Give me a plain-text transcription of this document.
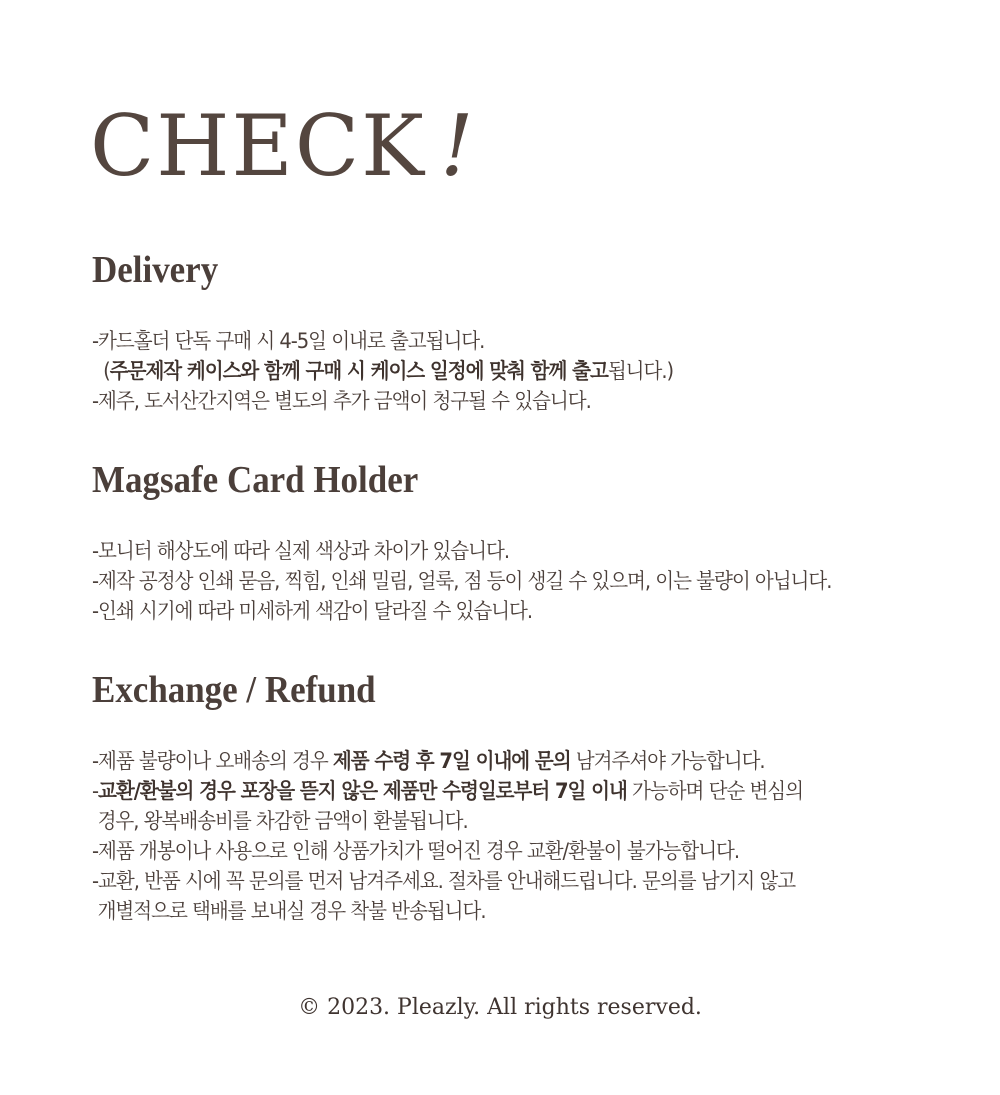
CHECK !
Delivery
-카드홀더 단독 구매 시 4-5일 이내로 출고됩니다.
(주문제작 케이스와 함께 구매 시 케이스 일정에 맞춰 함께 출고됩니다.)
-제주, 도서산간지역은 별도의 추가 금액이 청구될 수 있습니다.
Magsafe Card Holder
-모니터 해상도에 따라 실제 색상과 차이가 있습니다.
-제작 공정상 인쇄 묻음, 찍힘, 인쇄 밀림, 얼룩, 점 등이 생길 수 있으며, 이는 불량이 아닙니다.
-인쇄 시기에 따라 미세하게 색감이 달라질 수 있습니다.
Exchange / Refund
-제품 불량이나 오배송의 경우 제품 수령 후 7일 이내에 문의 남겨주셔야 가능합니다.
-교환/환불의 경우 포장을 뜯지 않은 제품만 수령일로부터 7일 이내 가능하며 단순 변심의
경우, 왕복배송비를 차감한 금액이 환불됩니다.
-제품 개봉이나 사용으로 인해 상품가치가 떨어진 경우 교환/환불이 불가능합니다.
-교환, 반품 시에 꼭 문의를 먼저 남겨주세요. 절차를 안내해드립니다. 문의를 남기지 않고
개별적으로 택배를 보내실 경우 착불 반송됩니다.
© 2023. Pleazly. All rights reserved.
